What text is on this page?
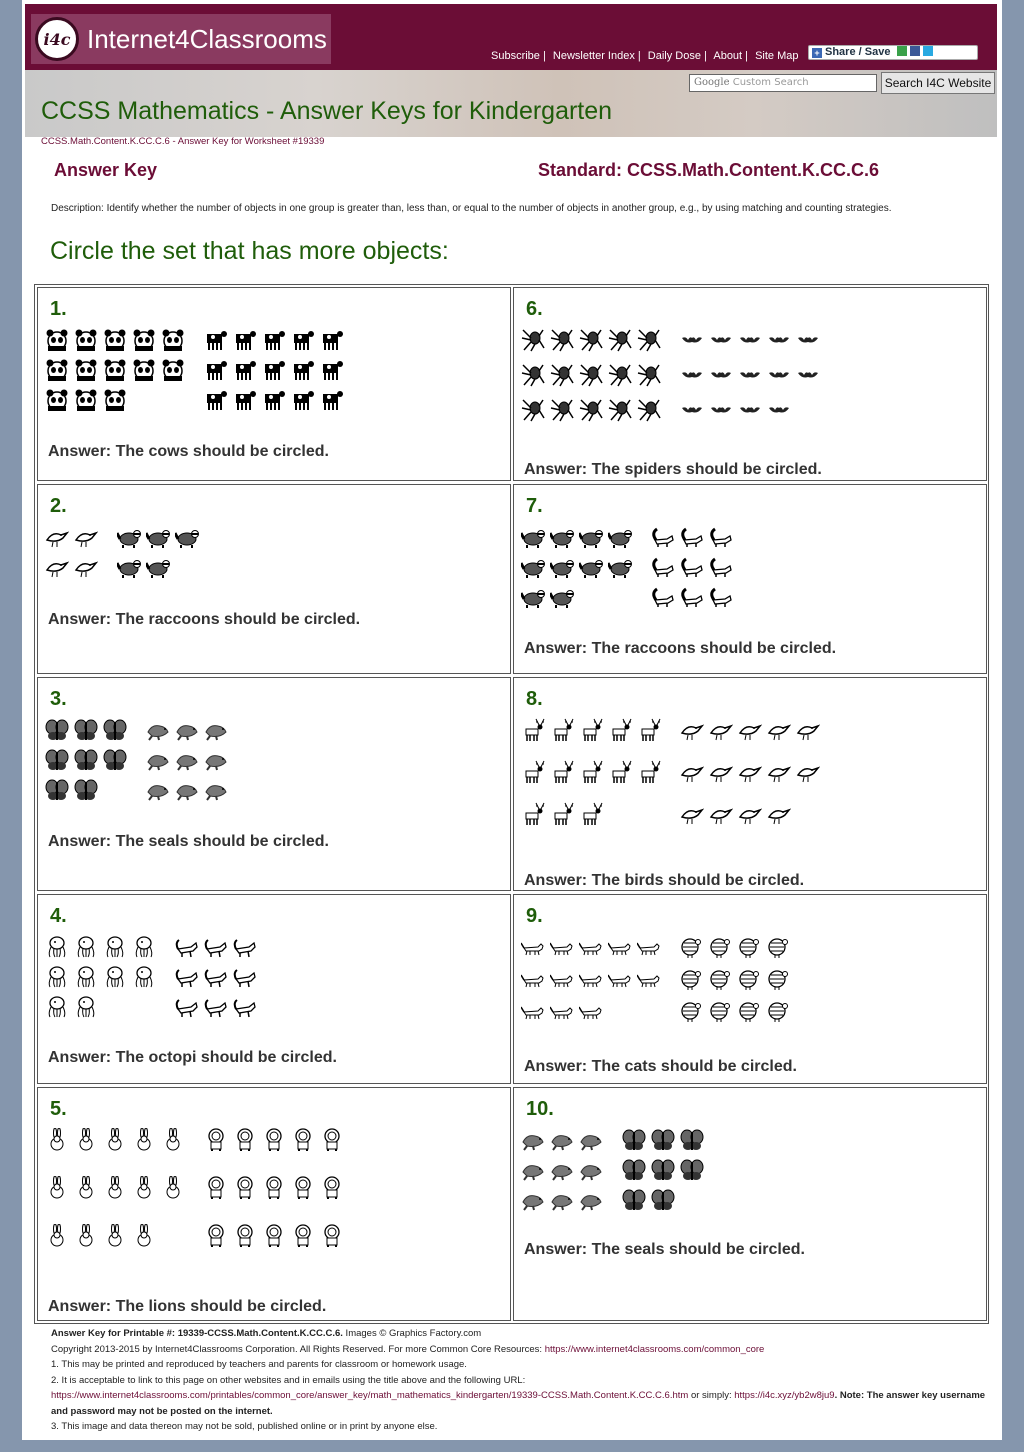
i4c Internet4Classrooms
Subscribe | Newsletter Index | Daily Dose | About | Site Map	+ Share / Save
Google Custom Search	Search I4C Website
CCSS Mathematics - Answer Keys for Kindergarten
CCSS.Math.Content.K.CC.C.6 - Answer Key for Worksheet #19339
Answer Key	Standard: CCSS.Math.Content.K.CC.C.6
Description: Identify whether the number of objects in one group is greater than, less than, or equal to the number of objects in another group, e.g., by using matching and counting strategies.
Circle the set that has more objects:
1.
Answer: The cows should be circled.
2.
Answer: The raccoons should be circled.
3.
Answer: The seals should be circled.
4.
Answer: The octopi should be circled.
5.
Answer: The lions should be circled.
6.
Answer: The spiders should be circled.
7.
Answer: The raccoons should be circled.
8.
Answer: The birds should be circled.
9.
Answer: The cats should be circled.
10.
Answer: The seals should be circled.
Answer Key for Printable #: 19339-CCSS.Math.Content.K.CC.C.6. Images © Graphics Factory.com
Copyright 2013-2015 by Internet4Classrooms Corporation. All Rights Reserved. For more Common Core Resources: https://www.internet4classrooms.com/common_core
1. This may be printed and reproduced by teachers and parents for classroom or homework usage.
2. It is acceptable to link to this page on other websites and in emails using the title above and the following URL:
https://www.internet4classrooms.com/printables/common_core/answer_key/math_mathematics_kindergarten/19339-CCSS.Math.Content.K.CC.C.6.htm or simply: https://i4c.xyz/yb2w8ju9. Note: The answer key username and password may not be posted on the internet.
3. This image and data thereon may not be sold, published online or in print by anyone else.
